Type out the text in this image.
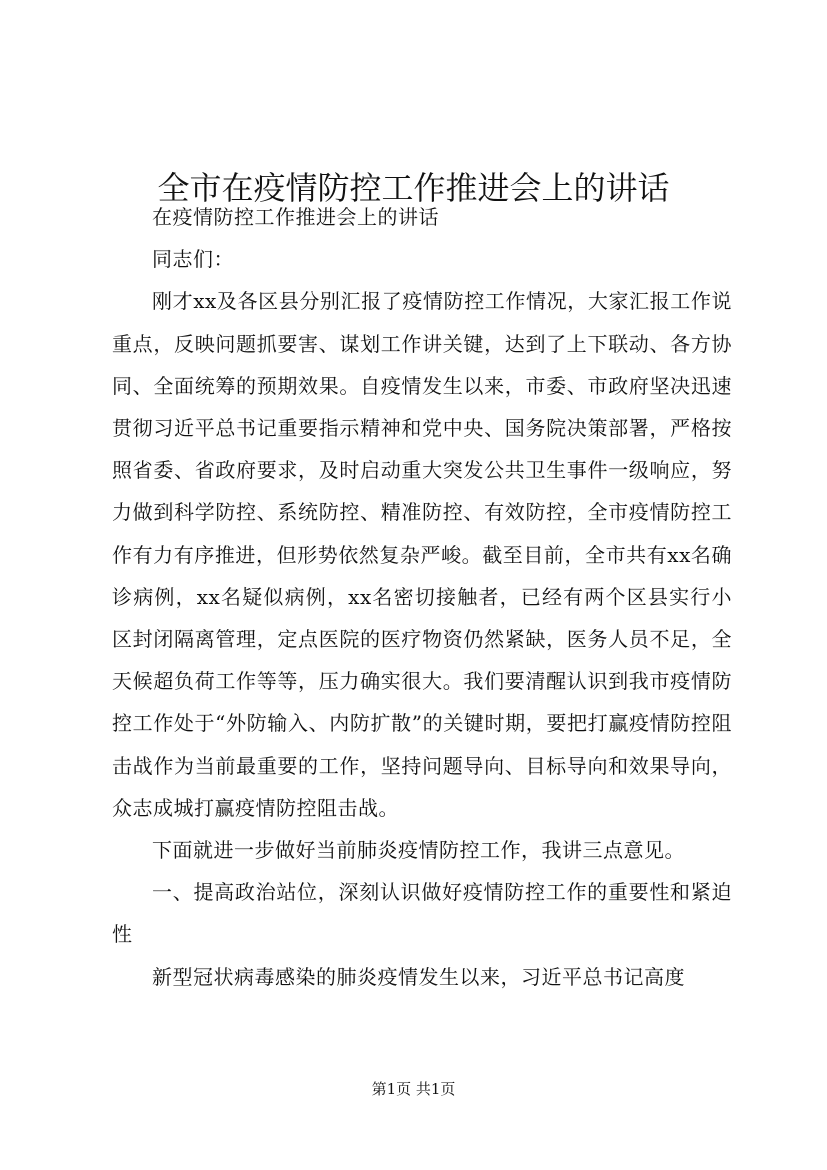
全市在疫情防控工作推进会上的讲话

在疫情防控工作推进会上的讲话

同志们：

刚才xx及各区县分别汇报了疫情防控工作情况，大家汇报工作说重点，反映问题抓要害、谋划工作讲关键，达到了上下联动、各方协同、全面统筹的预期效果。自疫情发生以来，市委、市政府坚决迅速贯彻习近平总书记重要指示精神和党中央、国务院决策部署，严格按照省委、省政府要求，及时启动重大突发公共卫生事件一级响应，努力做到科学防控、系统防控、精准防控、有效防控，全市疫情防控工作有力有序推进，但形势依然复杂严峻。截至目前，全市共有xx名确诊病例，xx名疑似病例，xx名密切接触者，已经有两个区县实行小区封闭隔离管理，定点医院的医疗物资仍然紧缺，医务人员不足，全天候超负荷工作等等，压力确实很大。我们要清醒认识到我市疫情防控工作处于“外防输入、内防扩散”的关键时期，要把打赢疫情防控阻击战作为当前最重要的工作，坚持问题导向、目标导向和效果导向，众志成城打赢疫情防控阻击战。

下面就进一步做好当前肺炎疫情防控工作，我讲三点意见。

一、提高政治站位，深刻认识做好疫情防控工作的重要性和紧迫性

新型冠状病毒感染的肺炎疫情发生以来，习近平总书记高度

第1页 共1页
